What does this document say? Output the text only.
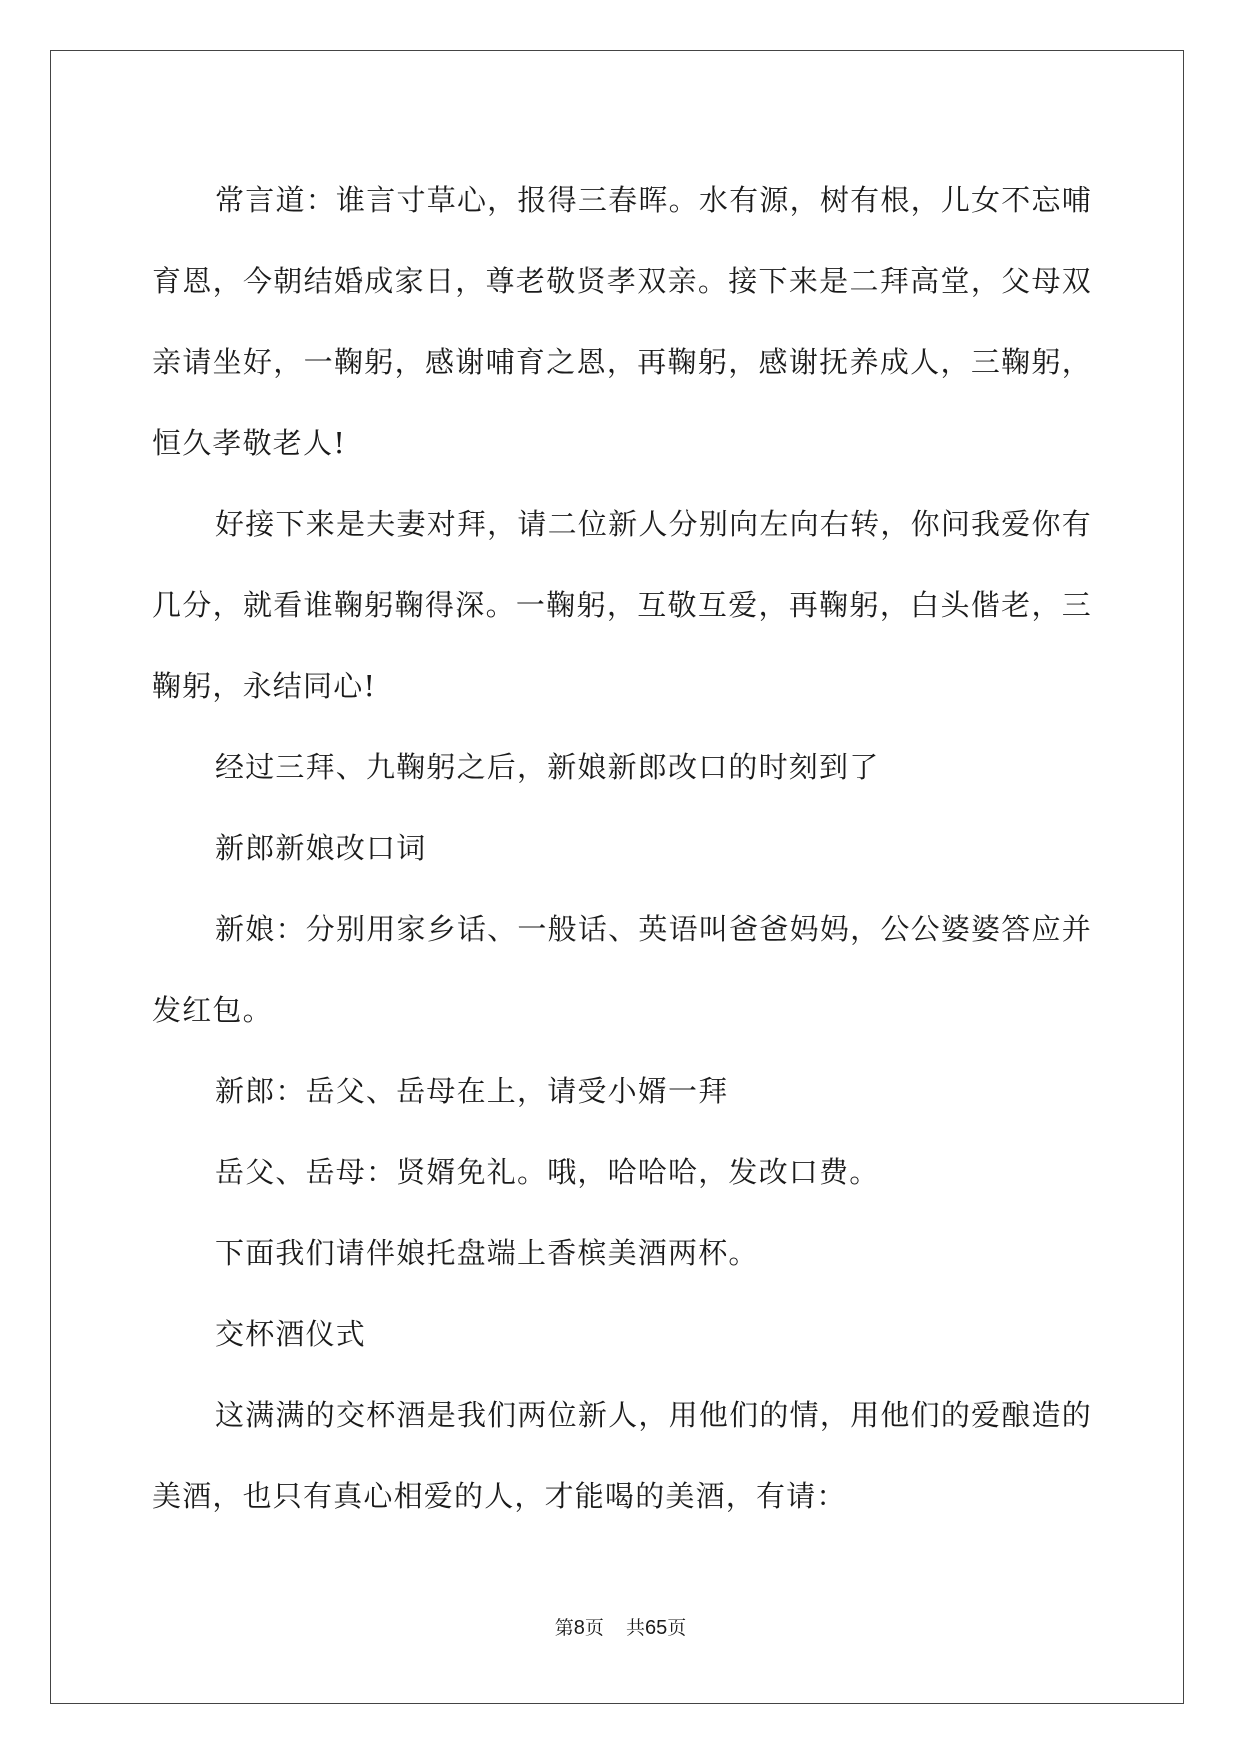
常言道：谁言寸草心，报得三春晖。水有源，树有根，儿女不忘哺育恩，今朝结婚成家日，尊老敬贤孝双亲。接下来是二拜高堂，父母双亲请坐好，一鞠躬，感谢哺育之恩，再鞠躬，感谢抚养成人，三鞠躬，恒久孝敬老人!

好接下来是夫妻对拜，请二位新人分别向左向右转，你问我爱你有几分，就看谁鞠躬鞠得深。一鞠躬，互敬互爱，再鞠躬，白头偕老，三鞠躬，永结同心!

经过三拜、九鞠躬之后，新娘新郎改口的时刻到了

新郎新娘改口词

新娘：分别用家乡话、一般话、英语叫爸爸妈妈，公公婆婆答应并发红包。

新郎：岳父、岳母在上，请受小婿一拜

岳父、岳母：贤婿免礼。哦，哈哈哈，发改口费。

下面我们请伴娘托盘端上香槟美酒两杯。

交杯酒仪式

这满满的交杯酒是我们两位新人，用他们的情，用他们的爱酿造的美酒，也只有真心相爱的人，才能喝的美酒，有请：

第8页 共65页
